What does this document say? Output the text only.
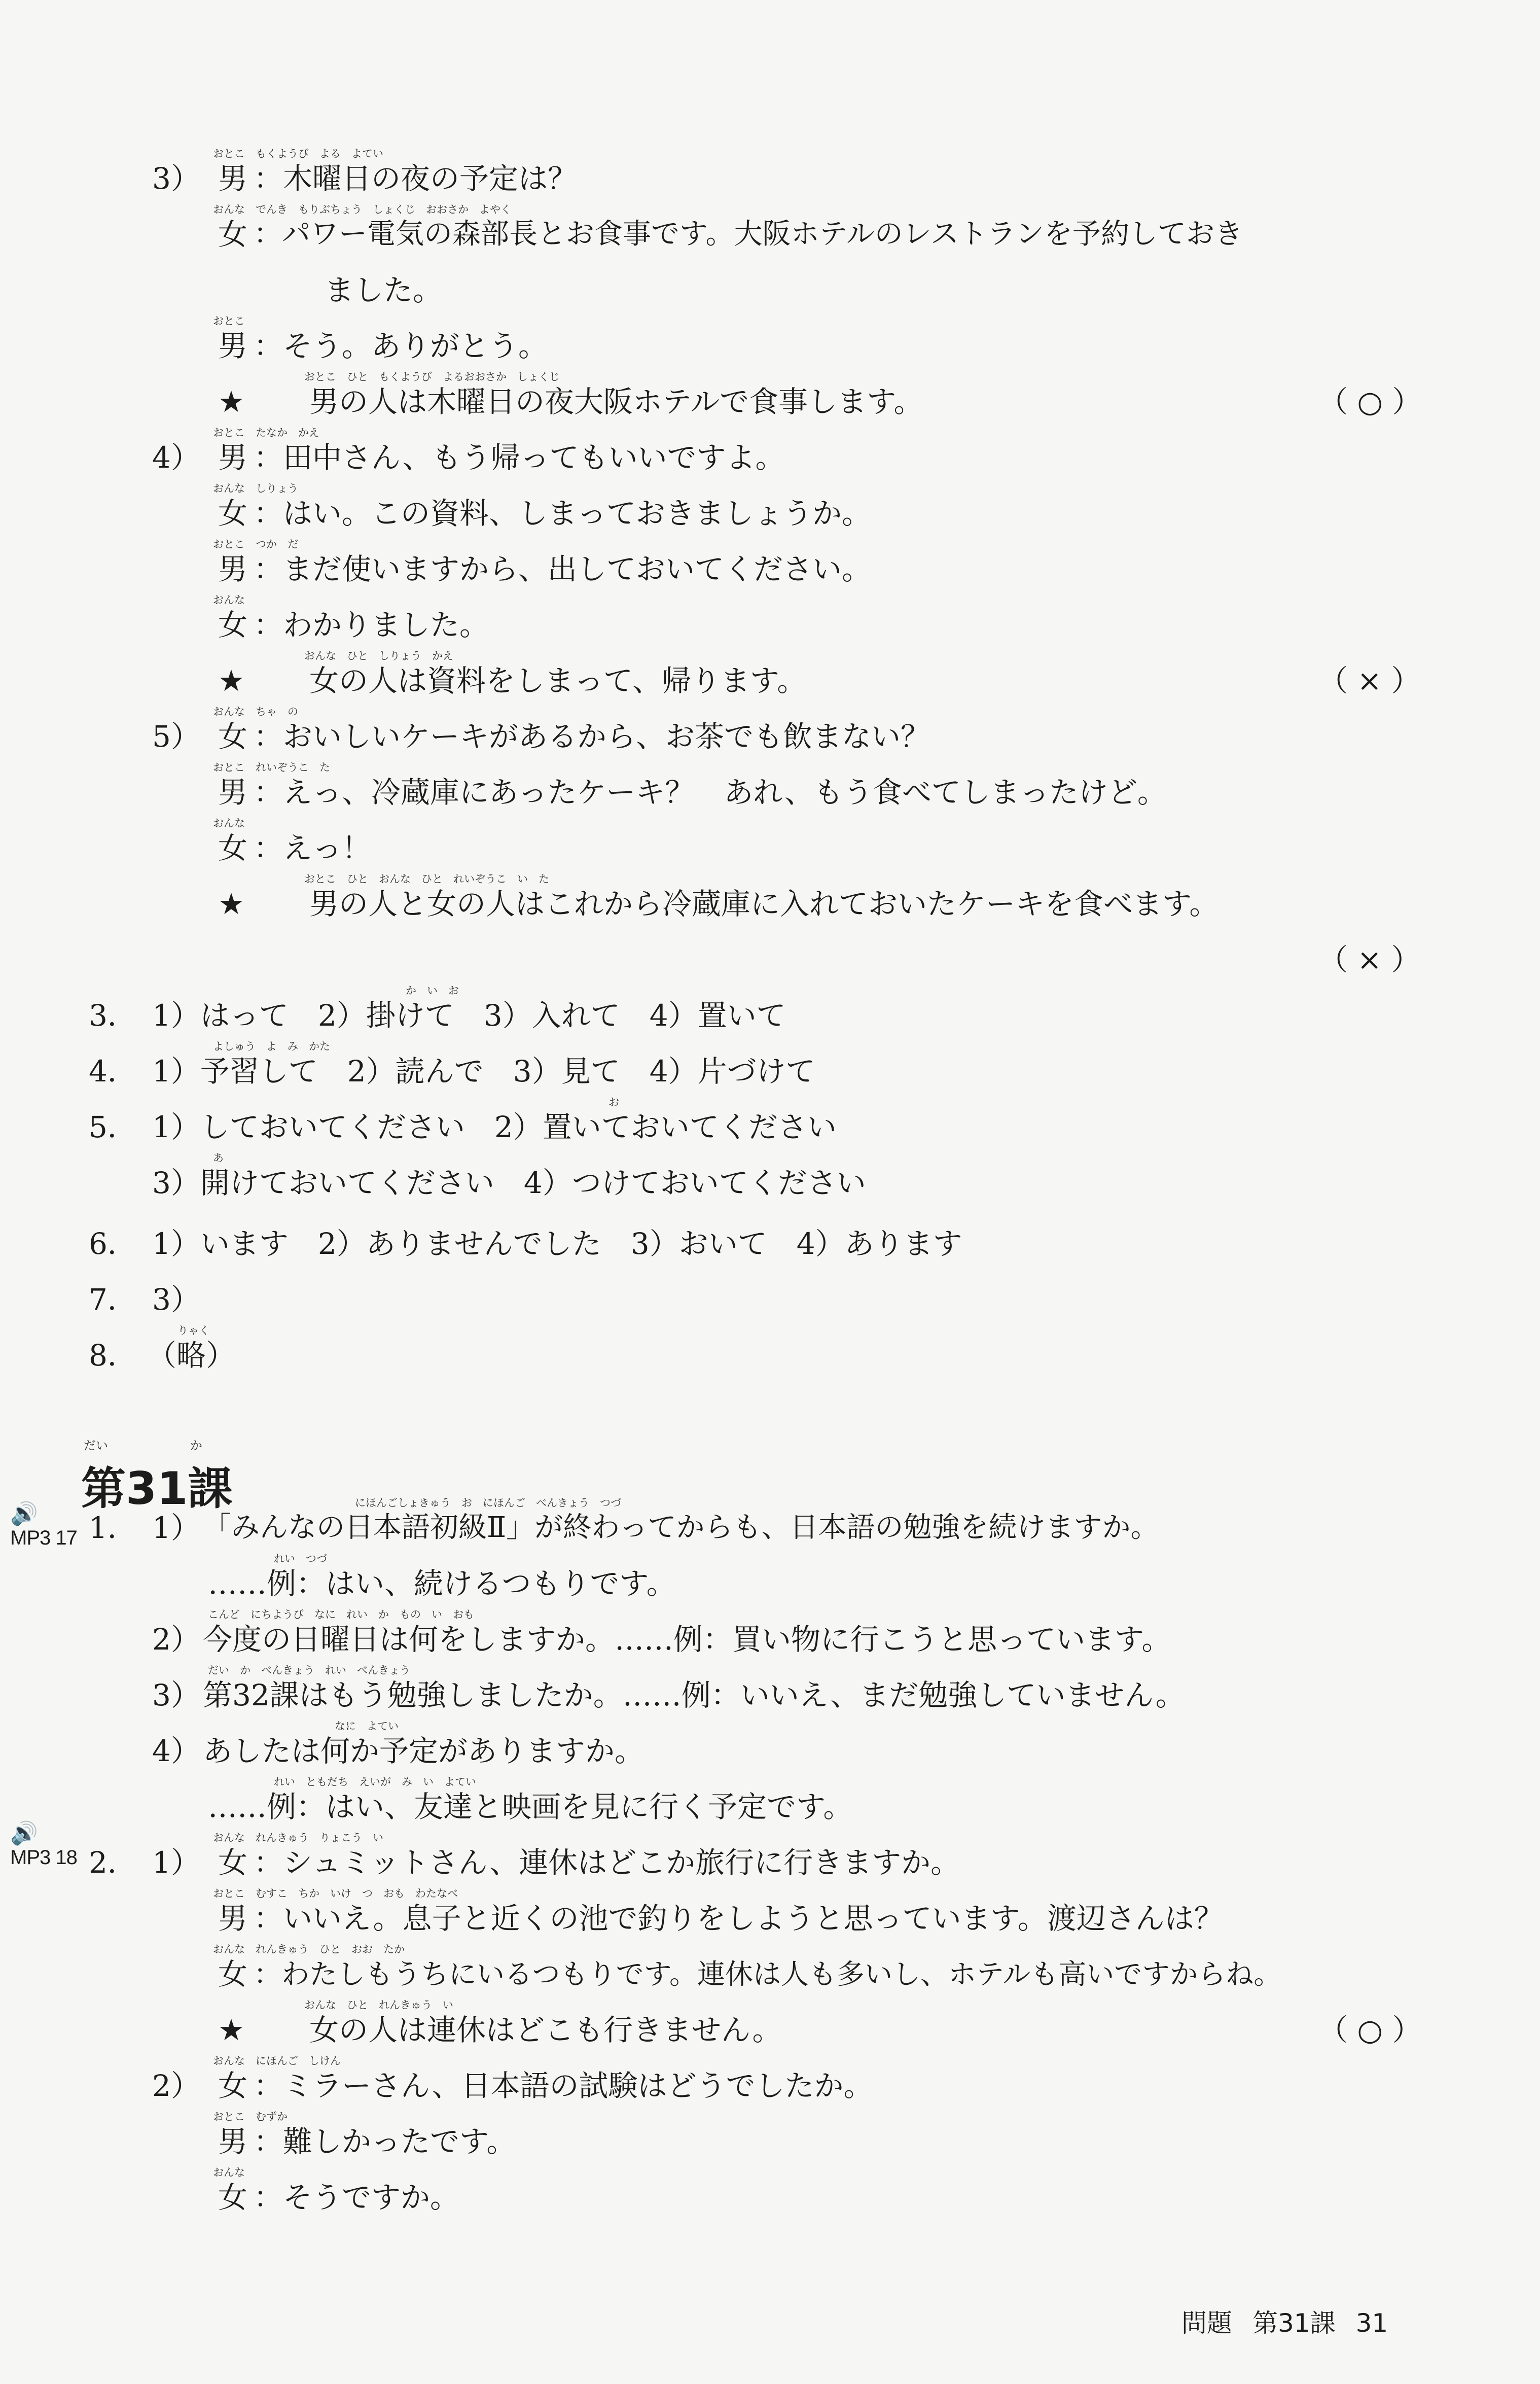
おとこ　もくようび　よる　よてい
3） 男 ：木曜日の夜の予定は？
おんな　でんき　もりぶちょう　しょくじ　おおさか　よやく
女 ：パワー電気の森部長とお食事です。大阪ホテルのレストランを予約しておき
ました。
おとこ
男 ：そう。ありがとう。
おとこ　ひと　もくようび　よるおおさか　しょくじ
★ 男の人は木曜日の夜大阪ホテルで食事します。	（ ○ ）
おとこ　たなか　かえ
4） 男 ：田中さん、もう帰ってもいいですよ。
おんな　しりょう
女 ：はい。この資料、しまっておきましょうか。
おとこ　つか　だ
男 ：まだ使いますから、出しておいてください。
おんな
女 ：わかりました。
おんな　ひと　しりょう　かえ
★ 女の人は資料をしまって、帰ります。	（ × ）
おんな　ちゃ　の
5） 女 ：おいしいケーキがあるから、お茶でも飲まない？
おとこ　れいぞうこ　た
男 ：えっ、冷蔵庫にあったケーキ？　あれ、もう食べてしまったけど。
おんな
女 ：えっ！
おとこ　ひと　おんな　ひと　れいぞうこ　い　た
★ 男の人と女の人はこれから冷蔵庫に入れておいたケーキを食べます。
（ × ）
か　い　お
3． 1）はって　2）掛けて　3）入れて　4）置いて
よしゅう　よ　み　かた
4． 1）予習して　2）読んで　3）見て　4）片づけて
お
5． 1）しておいてください　2）置いておいてください
あ
3）開けておいてください　4）つけておいてください
6． 1）います　2）ありませんでした　3）おいて　4）あります
7． 3）
りゃく
8． （略）
だい	か
第31課
🔊
MP3 17
🔊
MP3 18
にほんごしょきゅう　お　にほんご　べんきょう　つづ
1． 1） 「みんなの日本語初級Ⅱ」が終わってからも、日本語の勉強を続けますか。
れい　つづ
……例：はい、続けるつもりです。
こんど　にちようび　なに　れい　か　もの　い　おも
2） 今度の日曜日は何をしますか。……例：買い物に行こうと思っています。
だい　か　べんきょう　れい　べんきょう
3） 第32課はもう勉強しましたか。……例：いいえ、まだ勉強していません。
なに　よてい
4） あしたは何か予定がありますか。
れい　ともだち　えいが　み　い　よてい
……例：はい、友達と映画を見に行く予定です。
おんな　れんきゅう　りょこう　い
2． 1） 女 ：シュミットさん、連休はどこか旅行に行きますか。
おとこ　むすこ　ちか　いけ　つ　おも　わたなべ
男 ：いいえ。息子と近くの池で釣りをしようと思っています。渡辺さんは？
おんな　れんきゅう　ひと　おお　たか
女 ：わたしもうちにいるつもりです。連休は人も多いし、ホテルも高いですからね。
おんな　ひと　れんきゅう　い
★ 女の人は連休はどこも行きません。	（ ○ ）
おんな　にほんご　しけん
2） 女 ：ミラーさん、日本語の試験はどうでしたか。
おとこ　むずか
男 ：難しかったです。
おんな
女 ：そうですか。
問題 第31課 31
